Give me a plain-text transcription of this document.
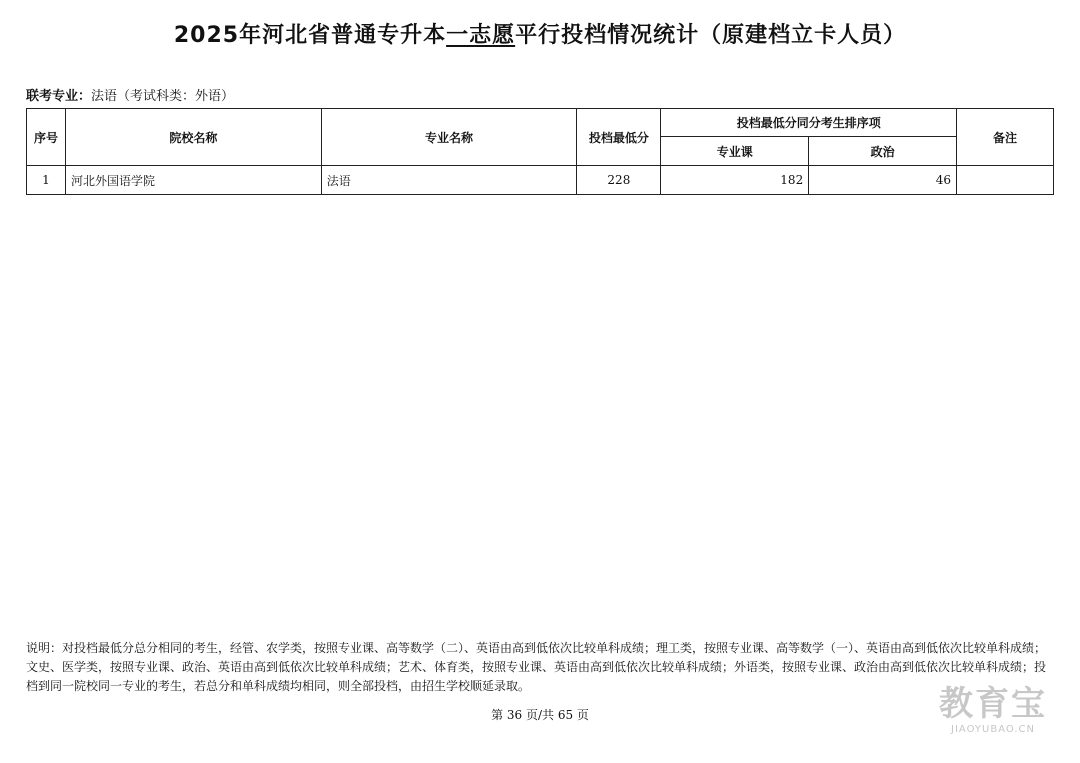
2025年河北省普通专升本一志愿平行投档情况统计（原建档立卡人员）
联考专业：法语（考试科类：外语）
序号	院校名称	专业名称	投档最低分	投档最低分同分考生排序项		备注
				专业课	政治	
1	河北外国语学院	法语	228	182	46	
说明：对投档最低分总分相同的考生，经管、农学类，按照专业课、高等数学（二）、英语由高到低依次比较单科成绩；理工类，按照专业课、高等数学（一）、英语由高到低依次比较单科成绩；文史、医学类，按照专业课、政治、英语由高到低依次比较单科成绩；艺术、体育类，按照专业课、英语由高到低依次比较单科成绩；外语类，按照专业课、政治由高到低依次比较单科成绩；投档到同一院校同一专业的考生，若总分和单科成绩均相同，则全部投档，由招生学校顺延录取。
第 36 页/共 65 页	教育宝
JIAOYUBAO.CN
